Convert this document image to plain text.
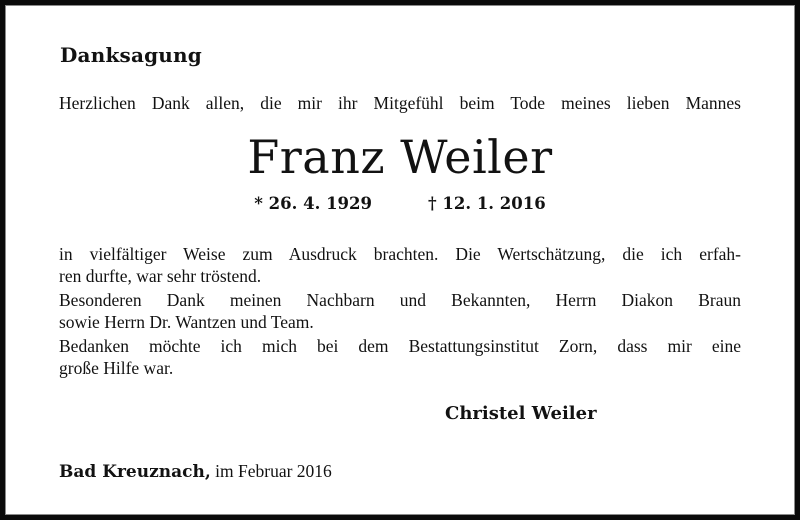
Danksagung
Herzlichen Dank allen, die mir ihr Mitgefühl beim Tode meines lieben Mannes
Franz Weiler
* 26. 4. 1929	† 12. 1. 2016
in vielfältiger Weise zum Ausdruck brachten. Die Wertschätzung, die ich erfah-
ren durfte, war sehr tröstend.
Besonderen Dank meinen Nachbarn und Bekannten, Herrn Diakon Braun
sowie Herrn Dr. Wantzen und Team.
Bedanken möchte ich mich bei dem Bestattungsinstitut Zorn, dass mir eine
große Hilfe war.
Christel Weiler
Bad Kreuznach, im Februar 2016
